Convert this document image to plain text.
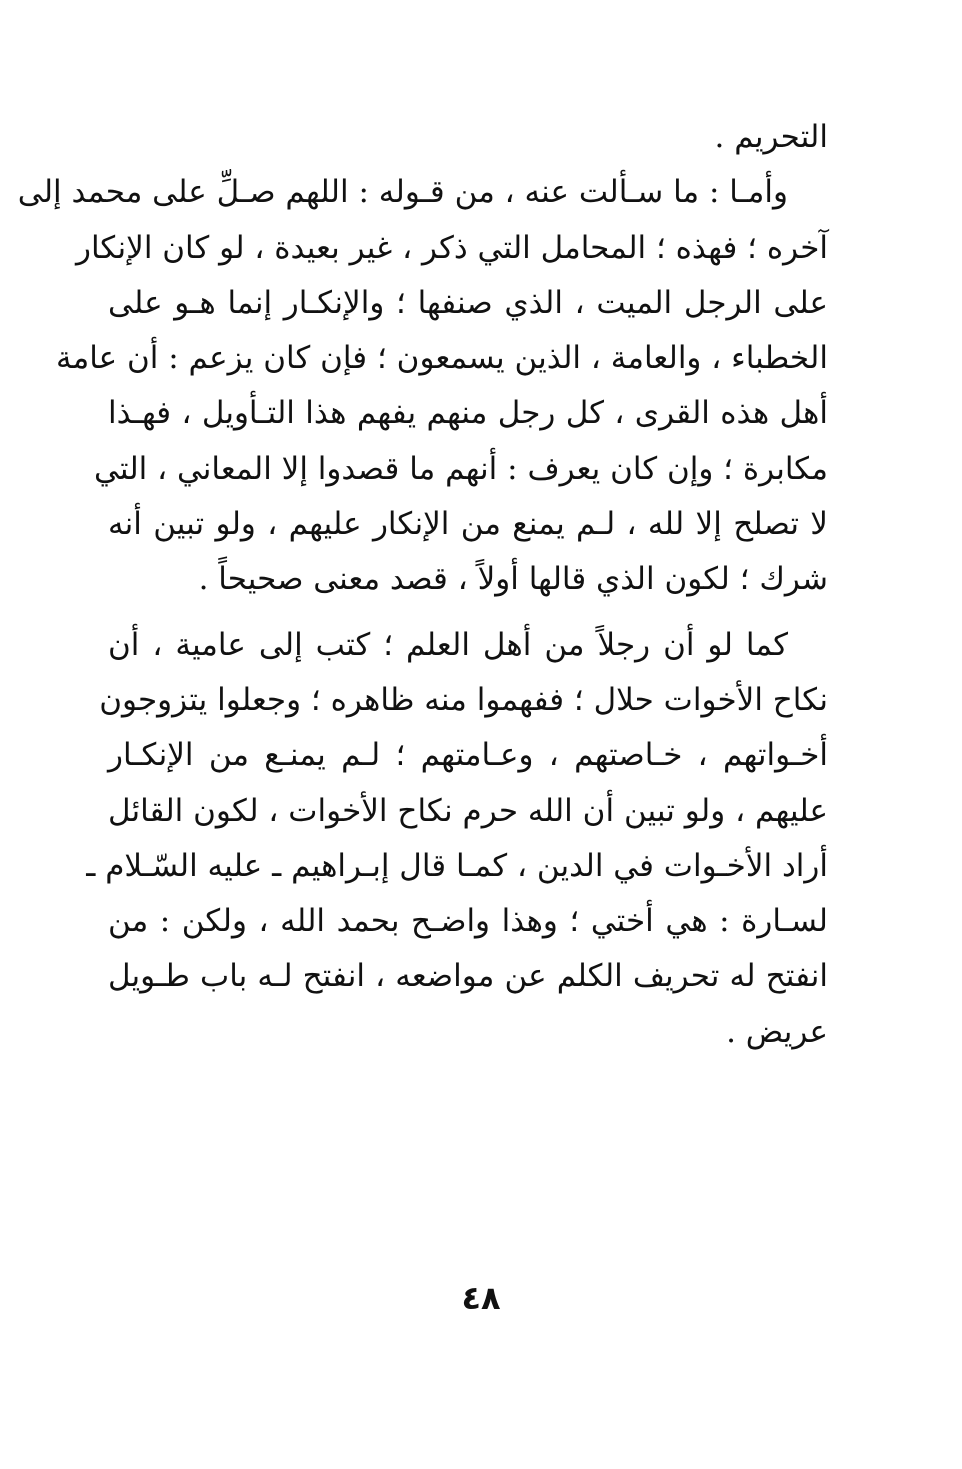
التحريم .
وأمـا : ما سـألت عنه ، من قـوله : اللهم صـلِّ على محمد إلى
آخره ؛ فهذه ؛ المحامل التي ذكر ، غير بعيدة ، لو كان الإنكار
على الرجل الميت ، الذي صنفها ؛ والإنكـار إنما هـو على
الخطباء ، والعامة ، الذين يسمعون ؛ فإن كان يزعم : أن عامة
أهل هذه القرى ، كل رجل منهم يفهم هذا التـأويل ، فهـذا
مكابرة ؛ وإن كان يعرف : أنهم ما قصدوا إلا المعاني ، التي
لا تصلح إلا لله ، لـم يمنع من الإنكار عليهم ، ولو تبين أنه
شرك ؛ لكون الذي قالها أولاً ، قصد معنى صحيحاً .
كما لو أن رجلاً من أهل العلم ؛ كتب إلى عامية ، أن
نكاح الأخوات حلال ؛ ففهموا منه ظاهره ؛ وجعلوا يتزوجون
أخـواتهم ، خـاصتهم ، وعـامتهم ؛ لـم يمنـع من الإنكـار
عليهم ، ولو تبين أن الله حرم نكاح الأخوات ، لكون القائل
أراد الأخـوات في الدين ، كمـا قال إبـراهيم ـ عليه السّـلام ـ
لسـارة : هي أختي ؛ وهذا واضـح بحمد الله ، ولكن : من
انفتح له تحريف الكلم عن مواضعه ، انفتح لـه باب طـويل
عريض .
٤٨
